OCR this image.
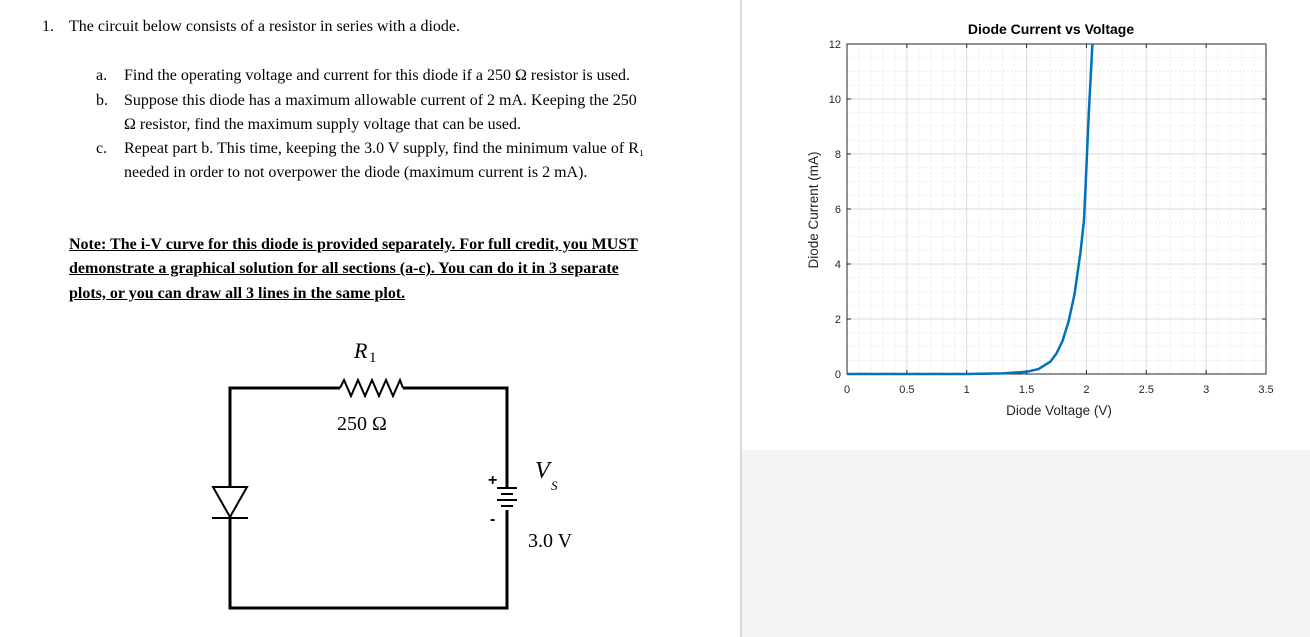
1. The circuit below consists of a resistor in series with a diode.
a. Find the operating voltage and current for this diode if a 250 Ω resistor is used.
b. Suppose this diode has a maximum allowable current of 2 mA. Keeping the 250
Ω resistor, find the maximum supply voltage that can be used.
c. Repeat part b. This time, keeping the 3.0 V supply, find the minimum value of R₁
needed in order to not overpower the diode (maximum current is 2 mA).
Note: The i-V curve for this diode is provided separately. For full credit, you MUST
demonstrate a graphical solution for all sections (a-c). You can do it in 3 separate
plots, or you can draw all 3 lines in the same plot.
R 1
250 Ω
V
S
3.0 V
+
-
0	0.5	1	1.5	2	2.5	3	3.5
0
2
4
6
8
10
12
Diode Current vs Voltage
Diode Voltage (V)
Diode Current (mA)
